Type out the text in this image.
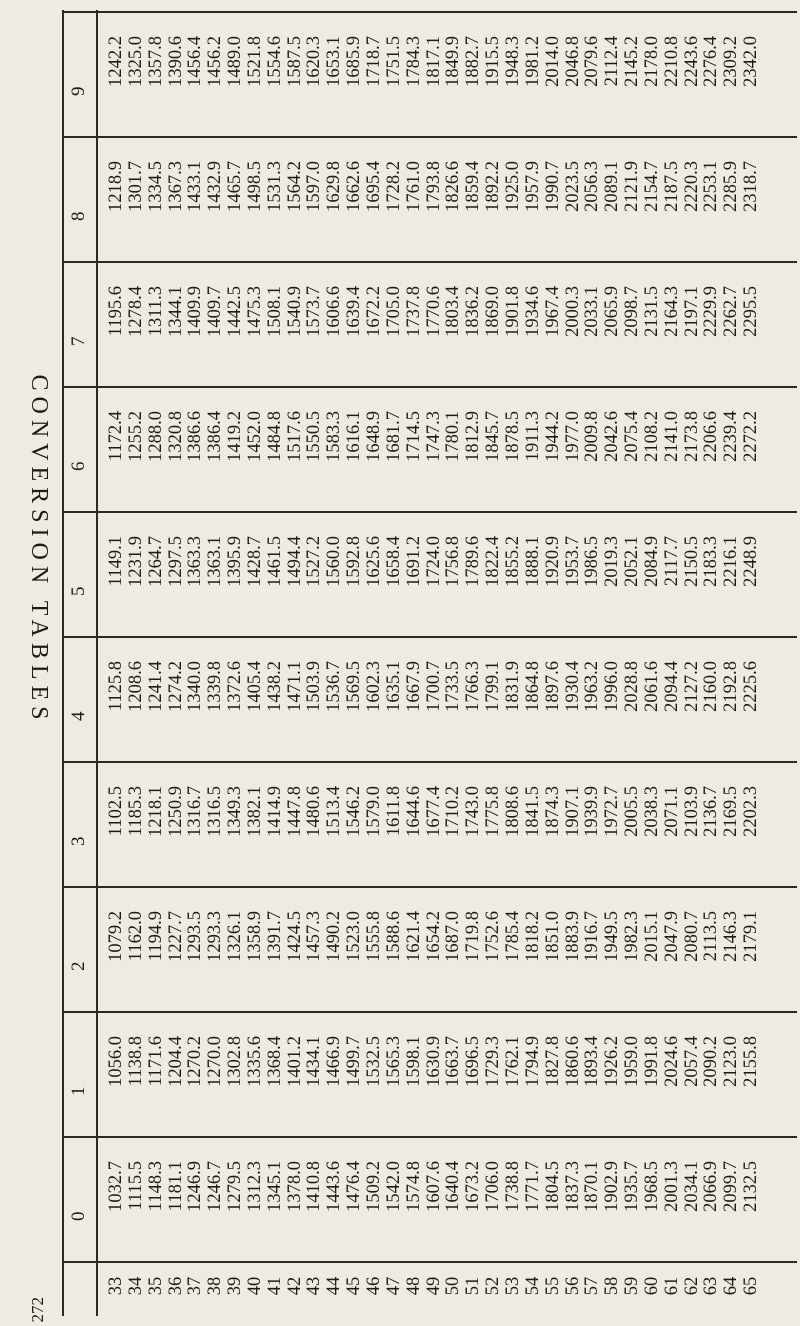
272
CONVERSION TABLES
0
1
2
3
4
5
6
7
8
9
33
1032.7
1056.0
1079.2
1102.5
1125.8
1149.1
1172.4
1195.6
1218.9
1242.2
34
1115.5
1138.8
1162.0
1185.3
1208.6
1231.9
1255.2
1278.4
1301.7
1325.0
35
1148.3
1171.6
1194.9
1218.1
1241.4
1264.7
1288.0
1311.3
1334.5
1357.8
36
1181.1
1204.4
1227.7
1250.9
1274.2
1297.5
1320.8
1344.1
1367.3
1390.6
37
1246.9
1270.2
1293.5
1316.7
1340.0
1363.3
1386.6
1409.9
1433.1
1456.4
38
1246.7
1270.0
1293.3
1316.5
1339.8
1363.1
1386.4
1409.7
1432.9
1456.2
39
1279.5
1302.8
1326.1
1349.3
1372.6
1395.9
1419.2
1442.5
1465.7
1489.0
40
1312.3
1335.6
1358.9
1382.1
1405.4
1428.7
1452.0
1475.3
1498.5
1521.8
41
1345.1
1368.4
1391.7
1414.9
1438.2
1461.5
1484.8
1508.1
1531.3
1554.6
42
1378.0
1401.2
1424.5
1447.8
1471.1
1494.4
1517.6
1540.9
1564.2
1587.5
43
1410.8
1434.1
1457.3
1480.6
1503.9
1527.2
1550.5
1573.7
1597.0
1620.3
44
1443.6
1466.9
1490.2
1513.4
1536.7
1560.0
1583.3
1606.6
1629.8
1653.1
45
1476.4
1499.7
1523.0
1546.2
1569.5
1592.8
1616.1
1639.4
1662.6
1685.9
46
1509.2
1532.5
1555.8
1579.0
1602.3
1625.6
1648.9
1672.2
1695.4
1718.7
47
1542.0
1565.3
1588.6
1611.8
1635.1
1658.4
1681.7
1705.0
1728.2
1751.5
48
1574.8
1598.1
1621.4
1644.6
1667.9
1691.2
1714.5
1737.8
1761.0
1784.3
49
1607.6
1630.9
1654.2
1677.4
1700.7
1724.0
1747.3
1770.6
1793.8
1817.1
50
1640.4
1663.7
1687.0
1710.2
1733.5
1756.8
1780.1
1803.4
1826.6
1849.9
51
1673.2
1696.5
1719.8
1743.0
1766.3
1789.6
1812.9
1836.2
1859.4
1882.7
52
1706.0
1729.3
1752.6
1775.8
1799.1
1822.4
1845.7
1869.0
1892.2
1915.5
53
1738.8
1762.1
1785.4
1808.6
1831.9
1855.2
1878.5
1901.8
1925.0
1948.3
54
1771.7
1794.9
1818.2
1841.5
1864.8
1888.1
1911.3
1934.6
1957.9
1981.2
55
1804.5
1827.8
1851.0
1874.3
1897.6
1920.9
1944.2
1967.4
1990.7
2014.0
56
1837.3
1860.6
1883.9
1907.1
1930.4
1953.7
1977.0
2000.3
2023.5
2046.8
57
1870.1
1893.4
1916.7
1939.9
1963.2
1986.5
2009.8
2033.1
2056.3
2079.6
58
1902.9
1926.2
1949.5
1972.7
1996.0
2019.3
2042.6
2065.9
2089.1
2112.4
59
1935.7
1959.0
1982.3
2005.5
2028.8
2052.1
2075.4
2098.7
2121.9
2145.2
60
1968.5
1991.8
2015.1
2038.3
2061.6
2084.9
2108.2
2131.5
2154.7
2178.0
61
2001.3
2024.6
2047.9
2071.1
2094.4
2117.7
2141.0
2164.3
2187.5
2210.8
62
2034.1
2057.4
2080.7
2103.9
2127.2
2150.5
2173.8
2197.1
2220.3
2243.6
63
2066.9
2090.2
2113.5
2136.7
2160.0
2183.3
2206.6
2229.9
2253.1
2276.4
64
2099.7
2123.0
2146.3
2169.5
2192.8
2216.1
2239.4
2262.7
2285.9
2309.2
65
2132.5
2155.8
2179.1
2202.3
2225.6
2248.9
2272.2
2295.5
2318.7
2342.0
